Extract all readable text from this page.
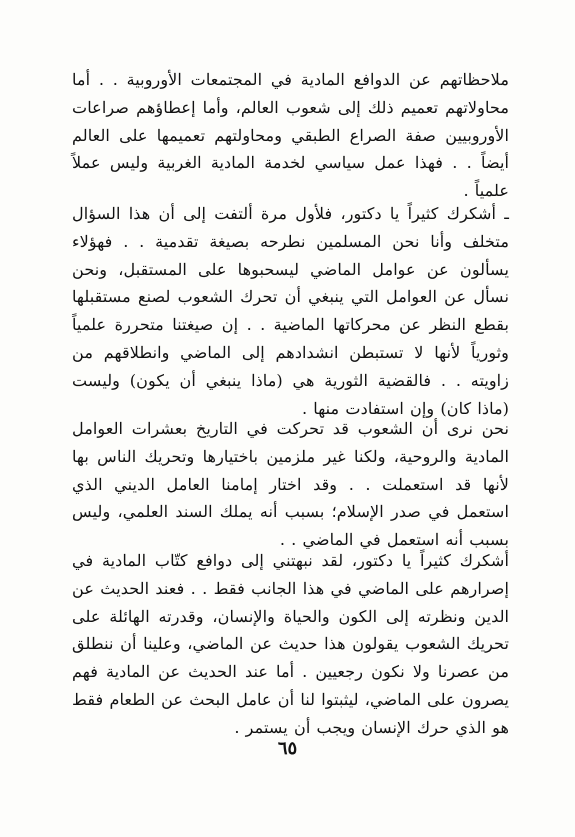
ملاحظاتهم عن الدوافع المادية في المجتمعات الأوروبية . . أما محاولاتهم تعميم ذلك إلى شعوب العالم، وأما إعطاؤهم صراعات الأوروبيين صفة الصراع الطبقي ومحاولتهم تعميمها على العالم أيضاً . . فهذا عمل سياسي لخدمة المادية الغربية وليس عملاً علمياً .

ـ أشكرك كثيراً يا دكتور، فلأول مرة ألتفت إلى أن هذا السؤال متخلف وأنا نحن المسلمين نطرحه بصيغة تقدمية . . فهؤلاء يسألون عن عوامل الماضي ليسحبوها على المستقبل، ونحن نسأل عن العوامل التي ينبغي أن تحرك الشعوب لصنع مستقبلها بقطع النظر عن محركاتها الماضية . . إن صيغتنا متحررة علمياً وثورياً لأنها لا تستبطن انشدادهم إلى الماضي وانطلاقهم من زاويته . . فالقضية الثورية هي (ماذا ينبغي أن يكون) وليست (ماذا كان) وإن استفادت منها .

نحن نرى أن الشعوب قد تحركت في التاريخ بعشرات العوامل المادية والروحية، ولكنا غير ملزمين باختيارها وتحريك الناس بها لأنها قد استعملت . . وقد اختار إمامنا العامل الديني الذي استعمل في صدر الإسلام؛ بسبب أنه يملك السند العلمي، وليس بسبب أنه استعمل في الماضي . .

أشكرك كثيراً يا دكتور، لقد نبهتني إلى دوافع كتّاب المادية في إصرارهم على الماضي في هذا الجانب فقط . . فعند الحديث عن الدين ونظرته إلى الكون والحياة والإنسان، وقدرته الهائلة على تحريك الشعوب يقولون هذا حديث عن الماضي، وعلينا أن ننطلق من عصرنا ولا نكون رجعيين . أما عند الحديث عن المادية فهم يصرون على الماضي، ليثبتوا لنا أن عامل البحث عن الطعام فقط هو الذي حرك الإنسان ويجب أن يستمر .

٦٥
